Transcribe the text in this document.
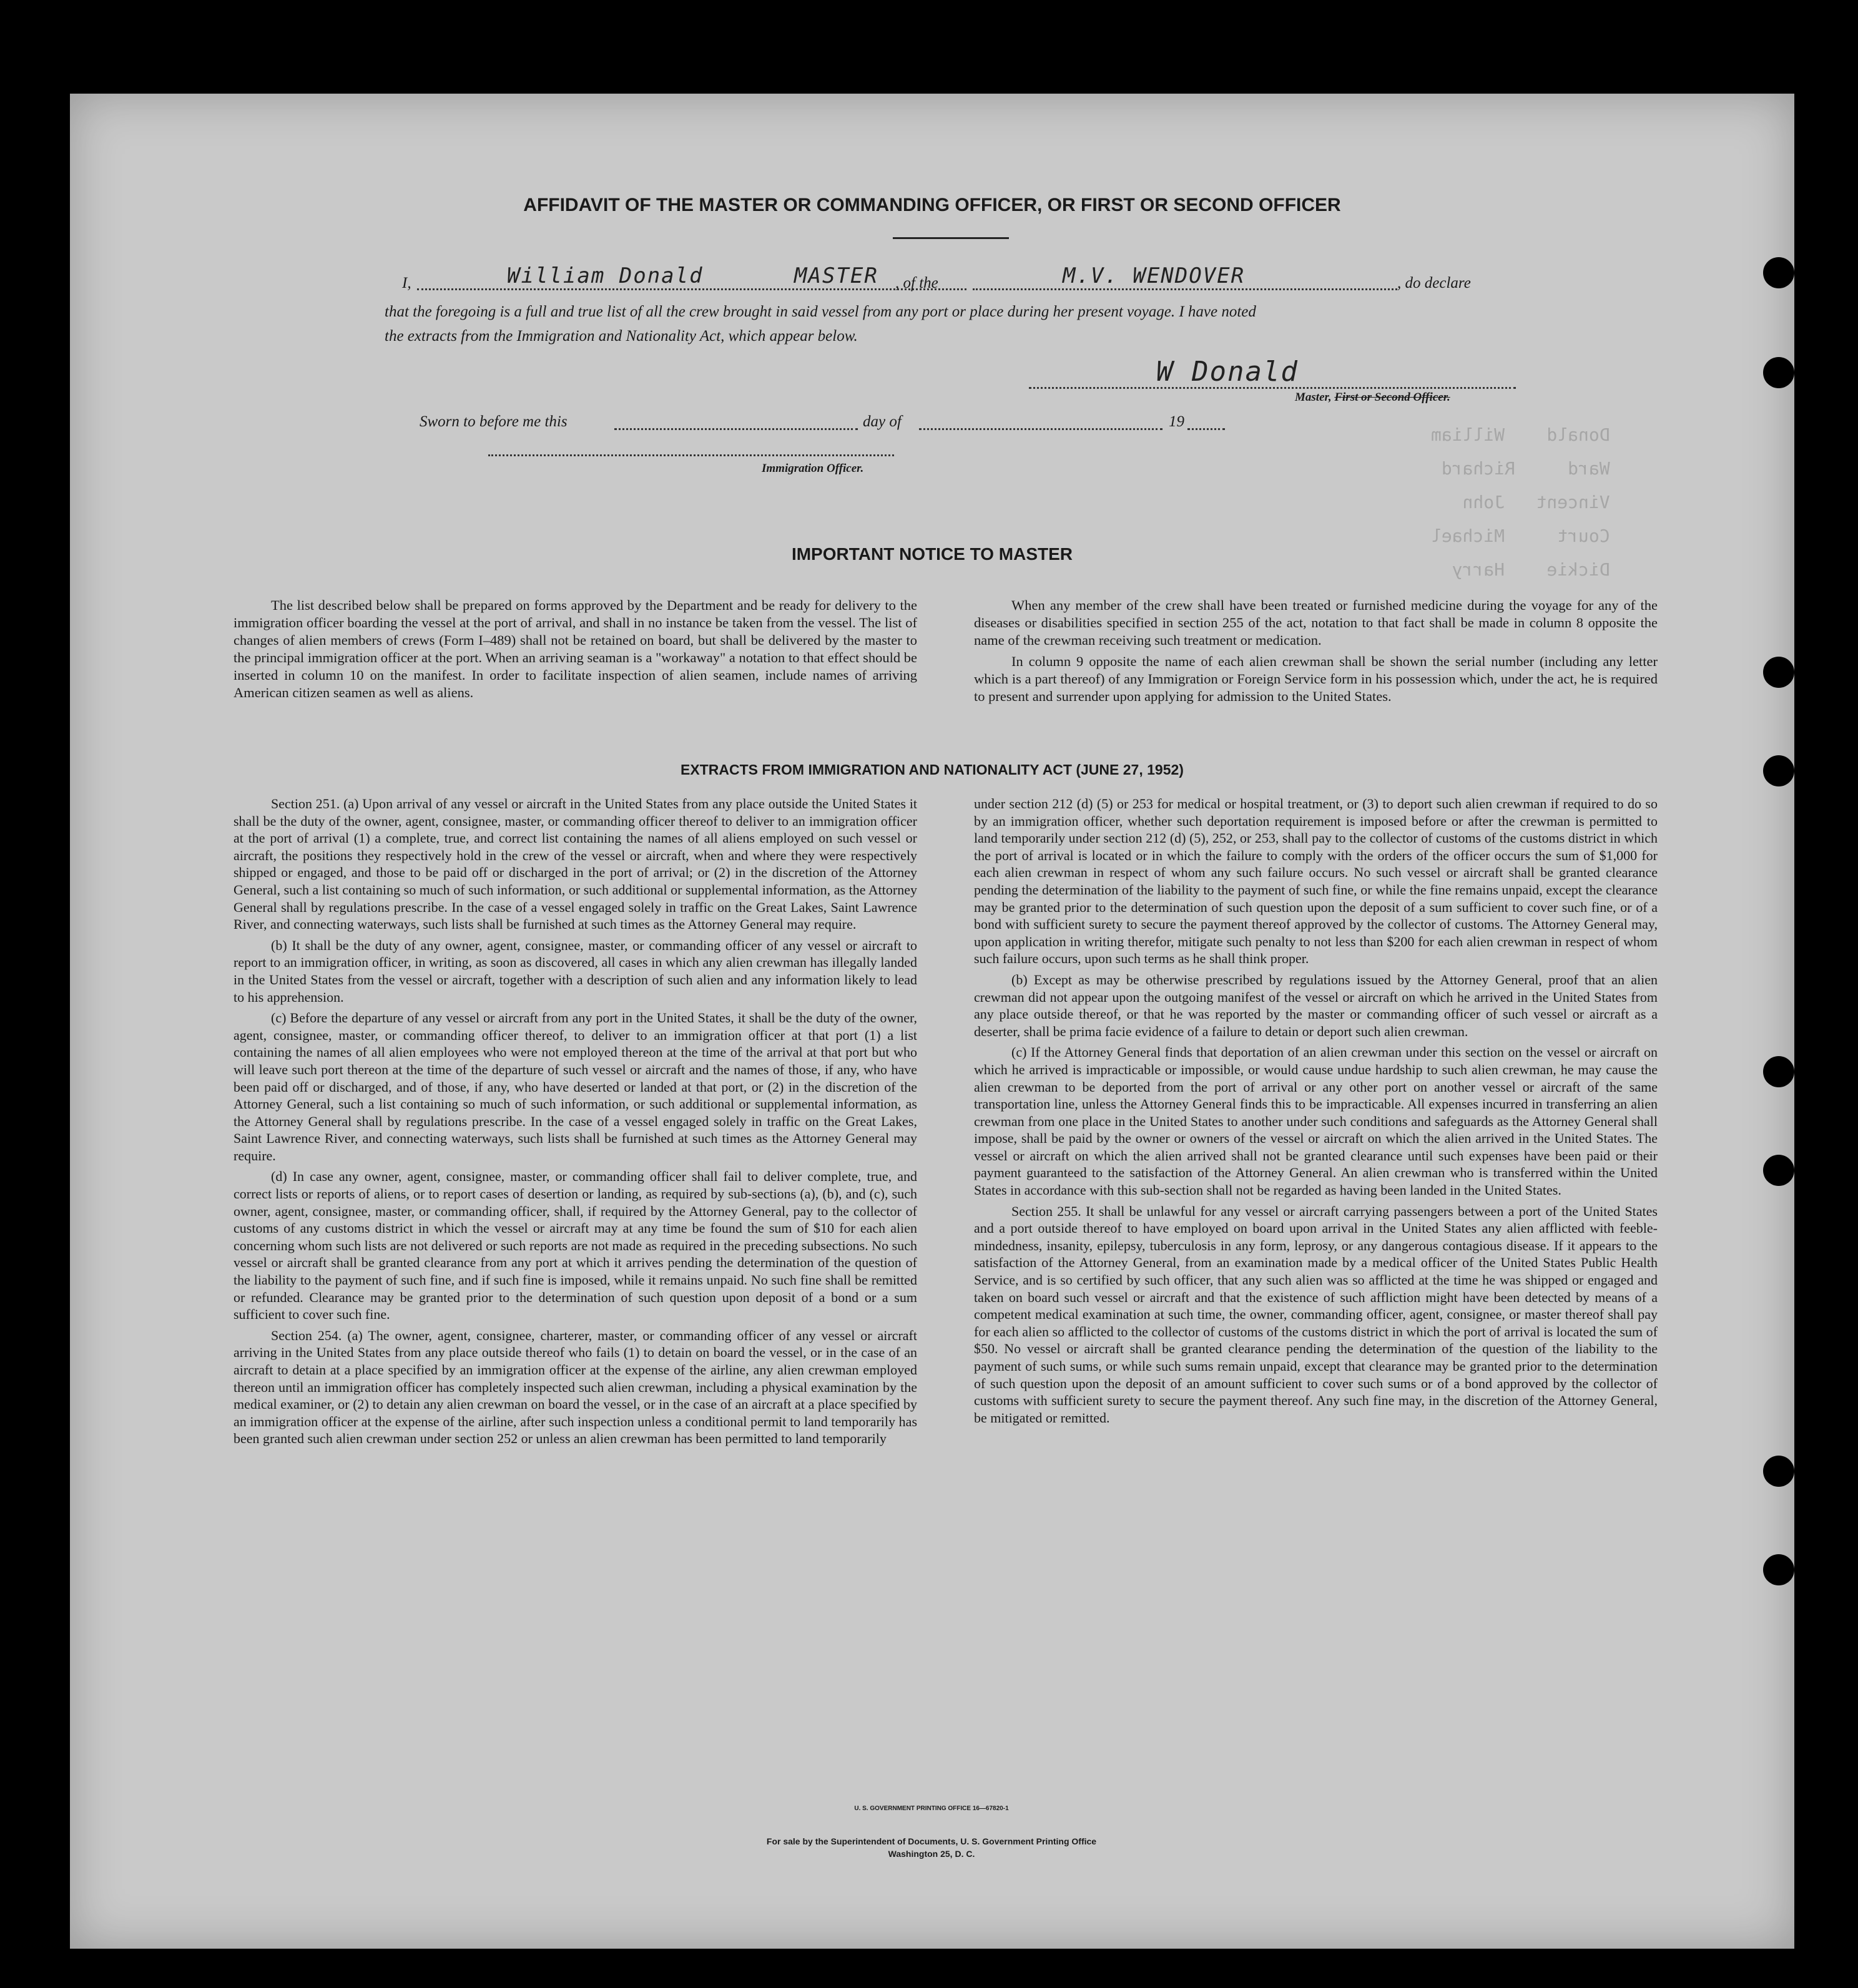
Donald    William
Ward     Richard
Vincent   John
Court     Michael
Dickie    Harry
AFFIDAVIT OF THE MASTER OR COMMANDING OFFICER, OR FIRST OR SECOND OFFICER
I,	William Donald	MASTER , of the	M.V. WENDOVER	, do declare
that the foregoing is a full and true list of all the crew brought in said vessel from any port or place during her present voyage. I have noted
the extracts from the Immigration and Nationality Act, which appear below.
W Donald
Master, First or Second Officer.
Sworn to before me this	day of	19
Immigration Officer.
IMPORTANT NOTICE TO MASTER

The list described below shall be prepared on forms approved by the Department and be ready for delivery to the immigration officer boarding the vessel at the port of arrival, and shall in no instance be taken from the vessel. The list of changes of alien members of crews (Form I–489) shall not be retained on board, but shall be delivered by the master to the principal immigration officer at the port. When an arriving seaman is a "workaway" a notation to that effect should be inserted in column 10 on the manifest. In order to facilitate inspection of alien seamen, include names of arriving American citizen seamen as well as aliens.

When any member of the crew shall have been treated or furnished medicine during the voyage for any of the diseases or disabilities specified in section 255 of the act, notation to that fact shall be made in column 8 opposite the name of the crewman receiving such treatment or medication.

In column 9 opposite the name of each alien crewman shall be shown the serial number (including any letter which is a part thereof) of any Immigration or Foreign Service form in his possession which, under the act, he is required to present and surrender upon applying for admission to the United States.

EXTRACTS FROM IMMIGRATION AND NATIONALITY ACT (JUNE 27, 1952)

Section 251. (a) Upon arrival of any vessel or aircraft in the United States from any place outside the United States it shall be the duty of the owner, agent, consignee, master, or commanding officer thereof to deliver to an immigration officer at the port of arrival (1) a complete, true, and correct list containing the names of all aliens employed on such vessel or aircraft, the positions they respectively hold in the crew of the vessel or aircraft, when and where they were respectively shipped or engaged, and those to be paid off or discharged in the port of arrival; or (2) in the discretion of the Attorney General, such a list containing so much of such information, or such additional or supplemental information, as the Attorney General shall by regulations prescribe. In the case of a vessel engaged solely in traffic on the Great Lakes, Saint Lawrence River, and connecting waterways, such lists shall be furnished at such times as the Attorney General may require.

(b) It shall be the duty of any owner, agent, consignee, master, or commanding officer of any vessel or aircraft to report to an immigration officer, in writing, as soon as discovered, all cases in which any alien crewman has illegally landed in the United States from the vessel or aircraft, together with a description of such alien and any information likely to lead to his apprehension.

(c) Before the departure of any vessel or aircraft from any port in the United States, it shall be the duty of the owner, agent, consignee, master, or commanding officer thereof, to deliver to an immigration officer at that port (1) a list containing the names of all alien employees who were not employed thereon at the time of the arrival at that port but who will leave such port thereon at the time of the departure of such vessel or aircraft and the names of those, if any, who have been paid off or discharged, and of those, if any, who have deserted or landed at that port, or (2) in the discretion of the Attorney General, such a list containing so much of such information, or such additional or supplemental information, as the Attorney General shall by regulations prescribe. In the case of a vessel engaged solely in traffic on the Great Lakes, Saint Lawrence River, and connecting waterways, such lists shall be furnished at such times as the Attorney General may require.

(d) In case any owner, agent, consignee, master, or commanding officer shall fail to deliver complete, true, and correct lists or reports of aliens, or to report cases of desertion or landing, as required by sub-sections (a), (b), and (c), such owner, agent, consignee, master, or commanding officer, shall, if required by the Attorney General, pay to the collector of customs of any customs district in which the vessel or aircraft may at any time be found the sum of $10 for each alien concerning whom such lists are not delivered or such reports are not made as required in the preceding subsections. No such vessel or aircraft shall be granted clearance from any port at which it arrives pending the determination of the question of the liability to the payment of such fine, and if such fine is imposed, while it remains unpaid. No such fine shall be remitted or refunded. Clearance may be granted prior to the determination of such question upon deposit of a bond or a sum sufficient to cover such fine.

Section 254. (a) The owner, agent, consignee, charterer, master, or commanding officer of any vessel or aircraft arriving in the United States from any place outside thereof who fails (1) to detain on board the vessel, or in the case of an aircraft to detain at a place specified by an immigration officer at the expense of the airline, any alien crewman employed thereon until an immigration officer has completely inspected such alien crewman, including a physical examination by the medical examiner, or (2) to detain any alien crewman on board the vessel, or in the case of an aircraft at a place specified by an immigration officer at the expense of the airline, after such inspection unless a conditional permit to land temporarily has been granted such alien crewman under section 252 or unless an alien crewman has been permitted to land temporarily

under section 212 (d) (5) or 253 for medical or hospital treatment, or (3) to deport such alien crewman if required to do so by an immigration officer, whether such deportation requirement is imposed before or after the crewman is permitted to land temporarily under section 212 (d) (5), 252, or 253, shall pay to the collector of customs of the customs district in which the port of arrival is located or in which the failure to comply with the orders of the officer occurs the sum of $1,000 for each alien crewman in respect of whom any such failure occurs. No such vessel or aircraft shall be granted clearance pending the determination of the liability to the payment of such fine, or while the fine remains unpaid, except the clearance may be granted prior to the determination of such question upon the deposit of a sum sufficient to cover such fine, or of a bond with sufficient surety to secure the payment thereof approved by the collector of customs. The Attorney General may, upon application in writing therefor, mitigate such penalty to not less than $200 for each alien crewman in respect of whom such failure occurs, upon such terms as he shall think proper.

(b) Except as may be otherwise prescribed by regulations issued by the Attorney General, proof that an alien crewman did not appear upon the outgoing manifest of the vessel or aircraft on which he arrived in the United States from any place outside thereof, or that he was reported by the master or commanding officer of such vessel or aircraft as a deserter, shall be prima facie evidence of a failure to detain or deport such alien crewman.

(c) If the Attorney General finds that deportation of an alien crewman under this section on the vessel or aircraft on which he arrived is impracticable or impossible, or would cause undue hardship to such alien crewman, he may cause the alien crewman to be deported from the port of arrival or any other port on another vessel or aircraft of the same transportation line, unless the Attorney General finds this to be impracticable. All expenses incurred in transferring an alien crewman from one place in the United States to another under such conditions and safeguards as the Attorney General shall impose, shall be paid by the owner or owners of the vessel or aircraft on which the alien arrived in the United States. The vessel or aircraft on which the alien arrived shall not be granted clearance until such expenses have been paid or their payment guaranteed to the satisfaction of the Attorney General. An alien crewman who is transferred within the United States in accordance with this sub-section shall not be regarded as having been landed in the United States.

Section 255. It shall be unlawful for any vessel or aircraft carrying passengers between a port of the United States and a port outside thereof to have employed on board upon arrival in the United States any alien afflicted with feeble-mindedness, insanity, epilepsy, tuberculosis in any form, leprosy, or any dangerous contagious disease. If it appears to the satisfaction of the Attorney General, from an examination made by a medical officer of the United States Public Health Service, and is so certified by such officer, that any such alien was so afflicted at the time he was shipped or engaged and taken on board such vessel or aircraft and that the existence of such affliction might have been detected by means of a competent medical examination at such time, the owner, commanding officer, agent, consignee, or master thereof shall pay for each alien so afflicted to the collector of customs of the customs district in which the port of arrival is located the sum of $50. No vessel or aircraft shall be granted clearance pending the determination of the question of the liability to the payment of such sums, or while such sums remain unpaid, except that clearance may be granted prior to the determination of such question upon the deposit of an amount sufficient to cover such sums or of a bond approved by the collector of customs with sufficient surety to secure the payment thereof. Any such fine may, in the discretion of the Attorney General, be mitigated or remitted.

U. S. GOVERNMENT PRINTING OFFICE 16—67820-1
For sale by the Superintendent of Documents, U. S. Government Printing Office
Washington 25, D. C.
